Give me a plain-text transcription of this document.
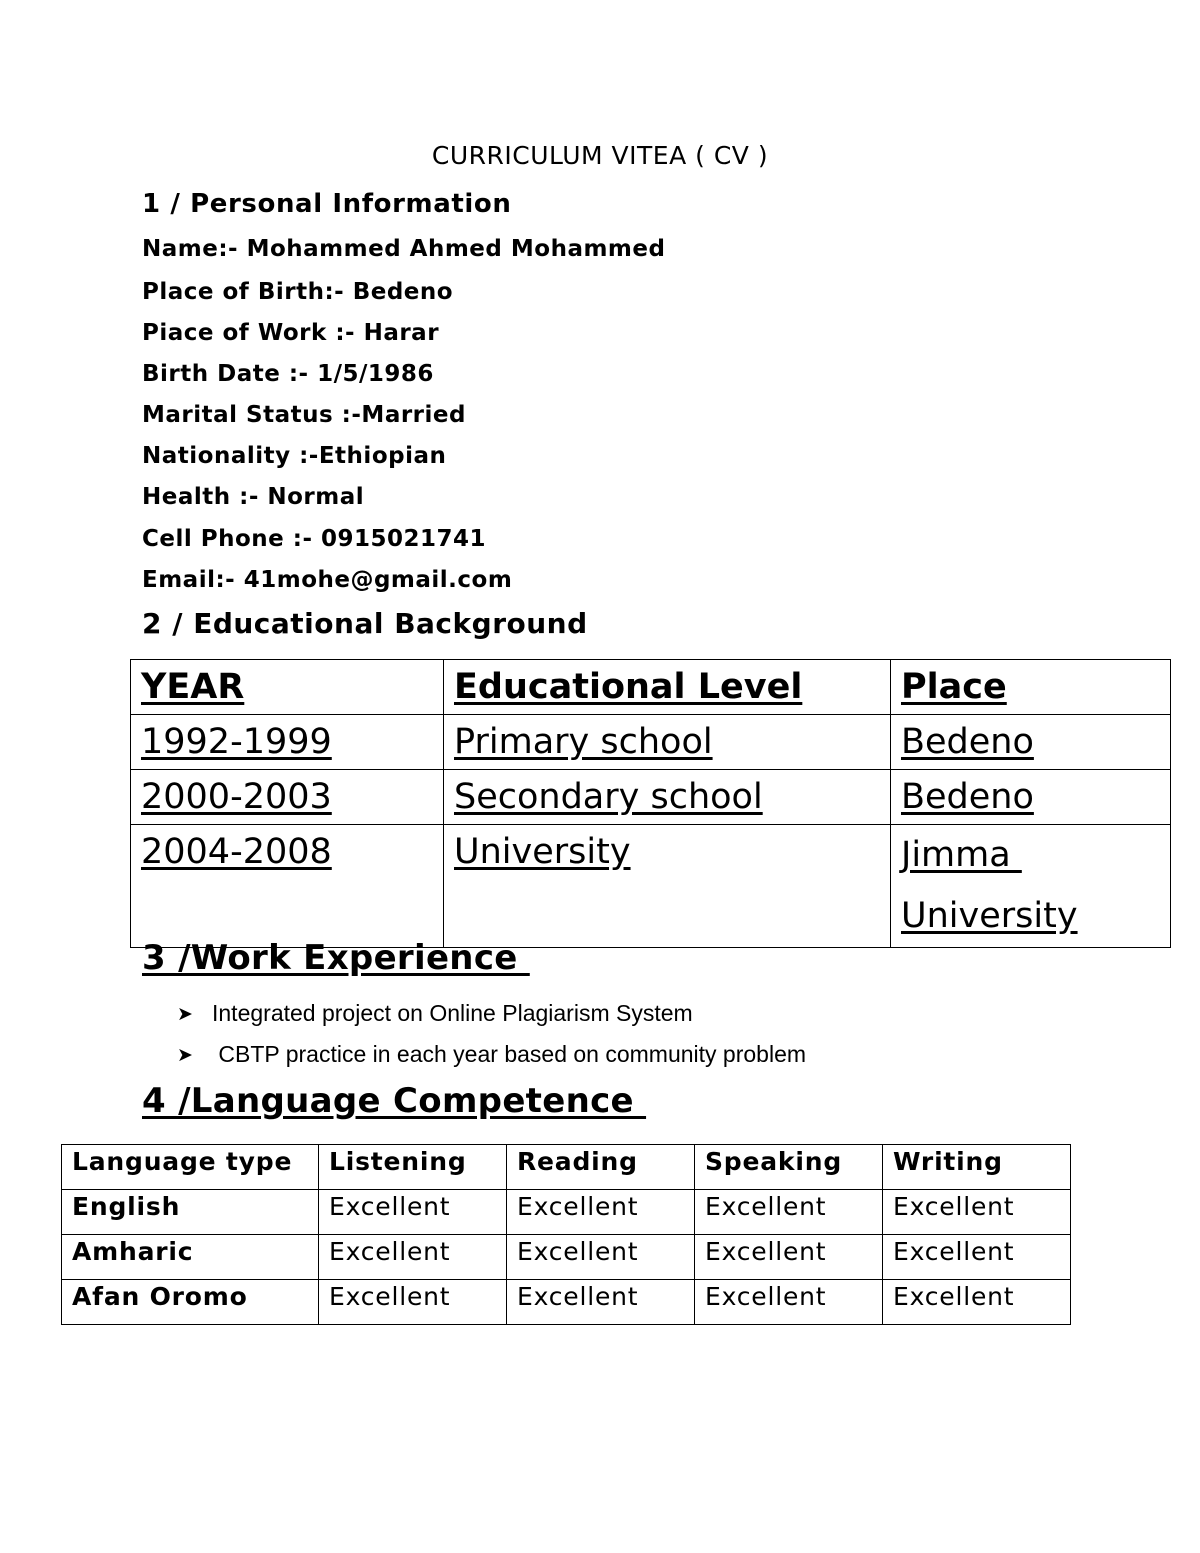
CURRICULUM VITEA ( CV )
1 / Personal Information
Name:- Mohammed Ahmed Mohammed
Place of Birth:- Bedeno
Piace of Work :- Harar
Birth Date :- 1/5/1986
Marital Status :-Married
Nationality :-Ethiopian
Health :- Normal
Cell Phone :- 0915021741
Email:- 41mohe@gmail.com
2 / Educational Background
YEAR	Educational Level	Place
1992-1999	Primary school	Bedeno
2000-2003	Secondary school	Bedeno
2004-2008	University	Jimma
University
3 /Work Experience
➤ Integrated project on Online Plagiarism System
➤ CBTP practice in each year based on community problem
4 /Language Competence
Language type	Listening	Reading	Speaking	Writing
English	Excellent	Excellent	Excellent	Excellent
Amharic	Excellent	Excellent	Excellent	Excellent
Afan Oromo	Excellent	Excellent	Excellent	Excellent
